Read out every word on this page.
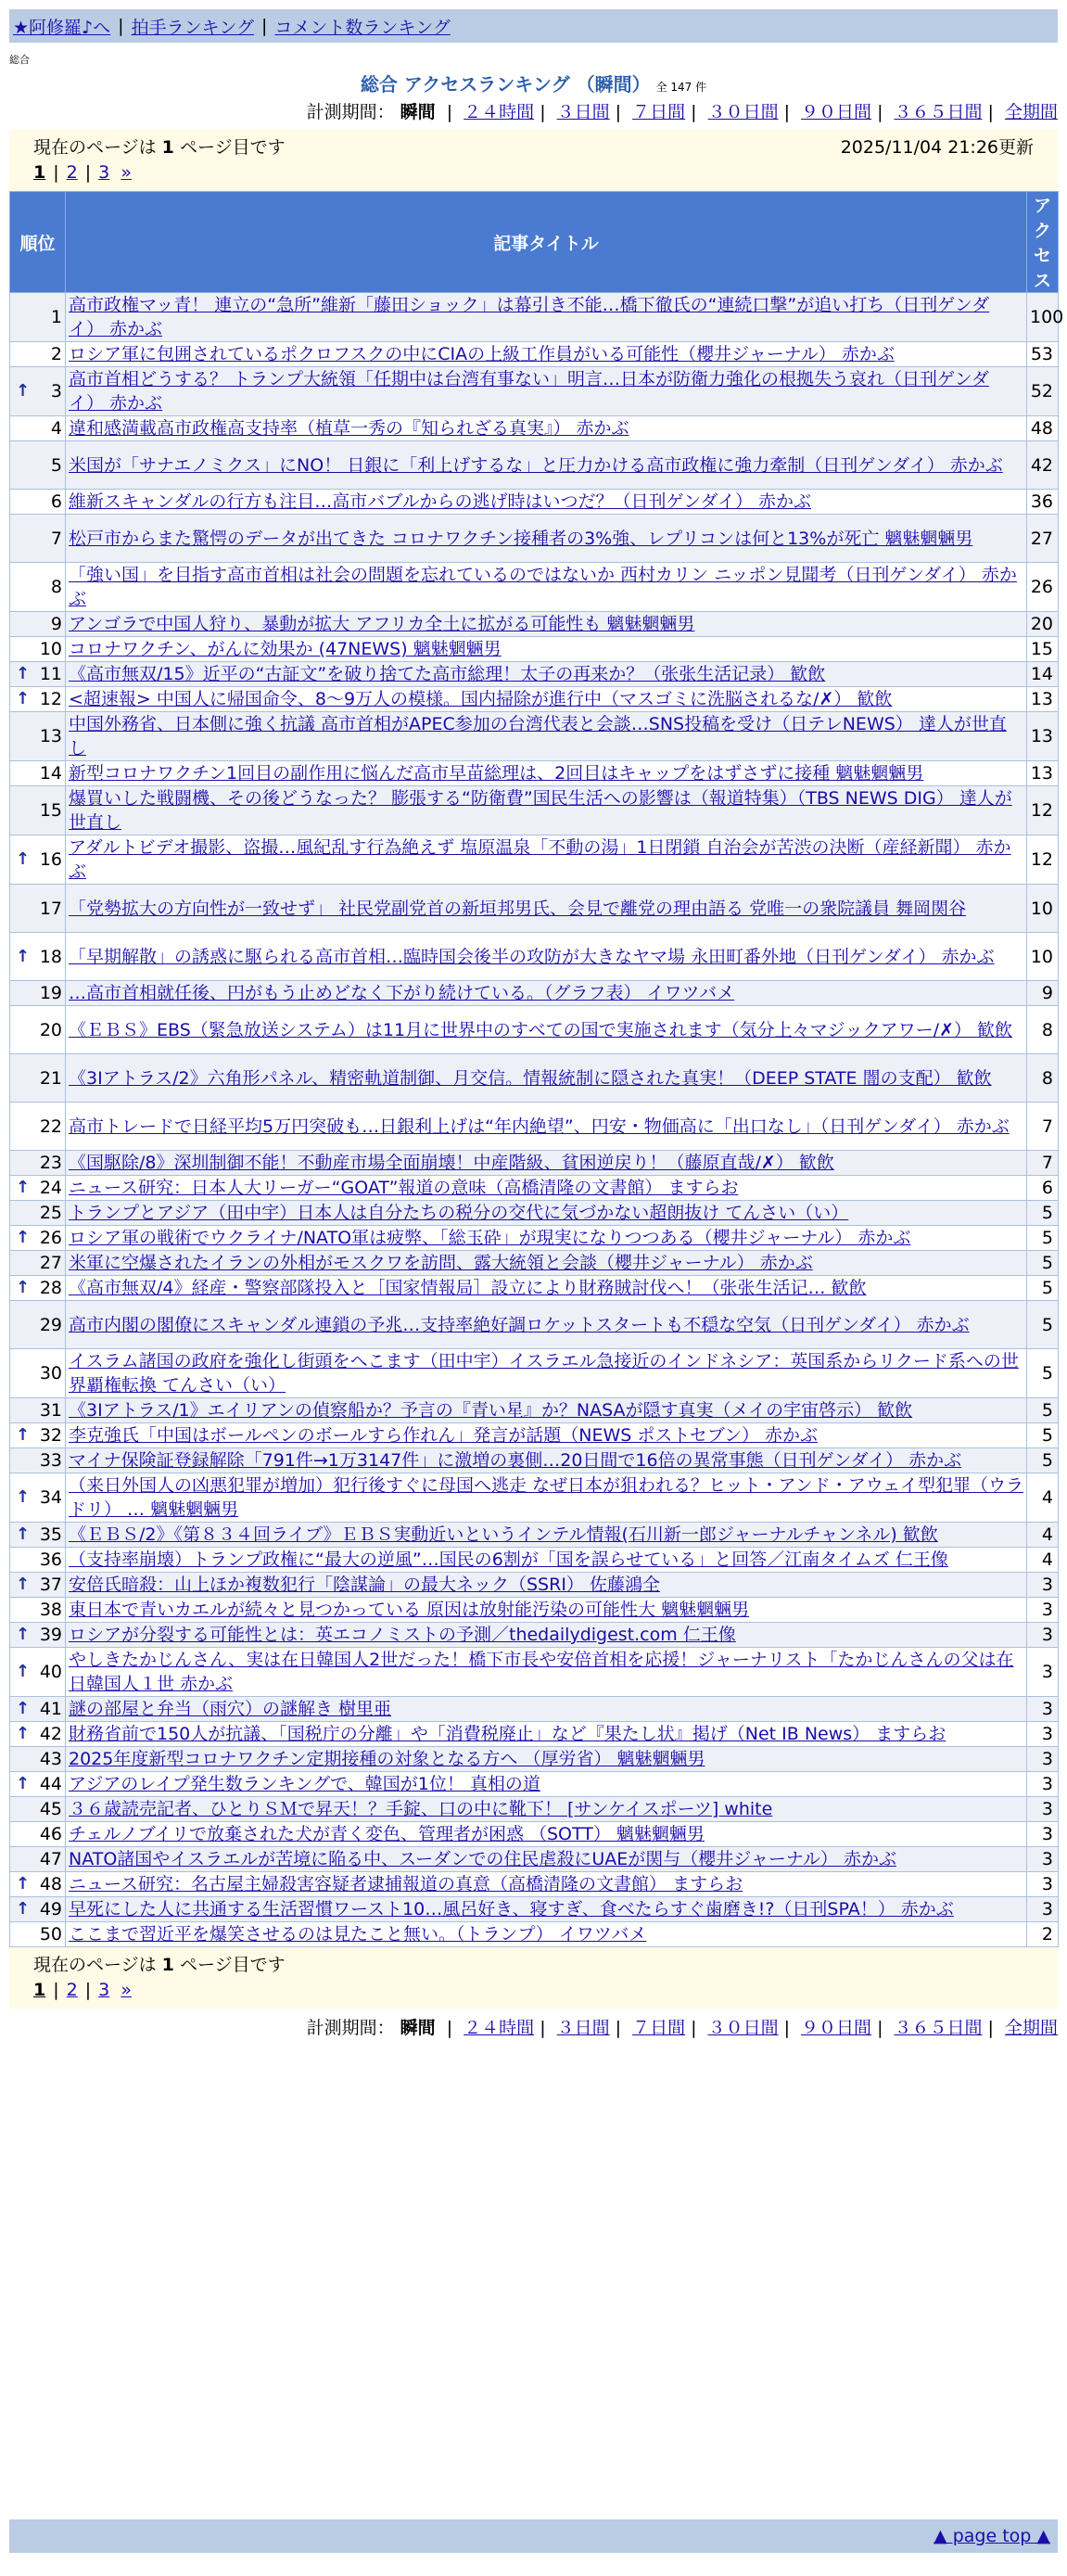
★阿修羅♪へ | 拍手ランキング | コメント数ランキング
総合
総合 アクセスランキング （瞬間） 全 147 件
計測期間： 瞬間 | ２４時間 | ３日間 | ７日間 | ３０日間 | ９０日間 | ３６５日間 | 全期間
現在のページは 1 ページ目です	2025/11/04 21:26更新
1 | 2 | 3 »
順位	記事タイトル	アクセス
1	高市政権マッ青！ 連立の“急所”維新「藤田ショック」は幕引き不能…橋下徹氏の“連続口撃”が追い打ち（日刊ゲンダイ） 赤かぶ	100
2	ロシア軍に包囲されているポクロフスクの中にCIAの上級工作員がいる可能性（櫻井ジャーナル） 赤かぶ	53

↑ 3	高市首相どうする？ トランプ大統領「任期中は台湾有事ない」明言…日本が防衛力強化の根拠失う哀れ（日刊ゲンダイ） 赤かぶ	52
4	違和感満載高市政権高支持率（植草一秀の『知られざる真実』） 赤かぶ	48
5	米国が「サナエノミクス」にNO！ 日銀に「利上げするな」と圧力かける高市政権に強力牽制（日刊ゲンダイ） 赤かぶ	42
6	維新スキャンダルの行方も注目…高市バブルからの逃げ時はいつだ？（日刊ゲンダイ） 赤かぶ	36
7	松戸市からまた驚愕のデータが出てきた コロナワクチン接種者の3%強、レプリコンは何と13%が死亡 魑魅魍魎男	27
8	「強い国」を目指す高市首相は社会の問題を忘れているのではないか 西村カリン ニッポン見聞考（日刊ゲンダイ） 赤かぶ	26
9	アンゴラで中国人狩り、暴動が拡大 アフリカ全土に拡がる可能性も 魑魅魍魎男	20
10	コロナワクチン、がんに効果か (47NEWS) 魑魅魍魎男	15

↑ 11	《高市無双/15》近平の“古証文”を破り捨てた高市総理！太子の再来か？（张张生活记录） 歓飲	14

↑ 12	<超速報> 中国人に帰国命令、8～9万人の模様。国内掃除が進行中（マスゴミに洗脳されるな/✗） 歓飲	13
13	中国外務省、日本側に強く抗議 高市首相がAPEC参加の台湾代表と会談…SNS投稿を受け（日テレNEWS） 達人が世直し	13
14	新型コロナワクチン1回目の副作用に悩んだ高市早苗総理は、2回目はキャップをはずさずに接種 魑魅魍魎男	13
15	爆買いした戦闘機、その後どうなった？ 膨張する“防衛費”国民生活への影響は（報道特集）（TBS NEWS DIG） 達人が世直し	12

↑ 16	アダルトビデオ撮影、盗撮…風紀乱す行為絶えず 塩原温泉「不動の湯」1日閉鎖 自治会が苦渋の決断（産経新聞） 赤かぶ	12
17	「党勢拡大の方向性が一致せず」 社民党副党首の新垣邦男氏、会見で離党の理由語る 党唯一の衆院議員 舞岡関谷	10

↑ 18	「早期解散」の誘惑に駆られる高市首相…臨時国会後半の攻防が大きなヤマ場 永田町番外地（日刊ゲンダイ） 赤かぶ	10
19	…高市首相就任後、円がもう止めどなく下がり続けている。（グラフ表） イワツバメ	9
20	《ＥＢＳ》EBS（緊急放送システム）は11月に世界中のすべての国で実施されます（気分上々マジックアワー/✗） 歓飲	8
21	《3Iアトラス/2》六角形パネル、精密軌道制御、月交信。情報統制に隠された真実！（DEEP STATE 闇の支配） 歓飲	8
22	高市トレードで日経平均5万円突破も…日銀利上げは“年内絶望”、円安・物価高に「出口なし」（日刊ゲンダイ） 赤かぶ	7
23	《国駆除/8》深圳制御不能！不動産市場全面崩壊！中産階級、貧困逆戻り！（藤原直哉/✗） 歓飲	7

↑ 24	ニュース研究：日本人大リーガー“GOAT”報道の意味（高橋清隆の文書館） ますらお	6
25	トランプとアジア（田中宇）日本人は自分たちの税分の交代に気づかない超朗抜け てんさい（い）	5

↑ 26	ロシア軍の戦術でウクライナ/NATO軍は疲弊、「総玉砕」が現実になりつつある（櫻井ジャーナル） 赤かぶ	5
27	米軍に空爆されたイランの外相がモスクワを訪問、露大統領と会談（櫻井ジャーナル） 赤かぶ	5

↑ 28	《高市無双/4》経産・警察部隊投入と［国家情報局］設立により財務賊討伐へ！（张张生活记… 歓飲	5
29	高市内閣の閣僚にスキャンダル連鎖の予兆…支持率絶好調ロケットスタートも不穏な空気（日刊ゲンダイ） 赤かぶ	5
30	イスラム諸国の政府を強化し街頭をへこます（田中宇）イスラエル急接近のインドネシア：英国系からリクード系への世界覇権転換 てんさい（い）	5
31	《3Iアトラス/1》エイリアンの偵察船か？予言の『青い星』か？NASAが隠す真実（メイの宇宙啓示） 歓飲	5

↑ 32	李克強氏「中国はボールペンのボールすら作れん」発言が話題（NEWS ポストセブン） 赤かぶ	5
33	マイナ保険証登録解除「791件→1万3147件」に激増の裏側…20日間で16倍の異常事態（日刊ゲンダイ） 赤かぶ	5

↑ 34	（来日外国人の凶悪犯罪が増加）犯行後すぐに母国へ逃走 なぜ日本が狙われる？ヒット・アンド・アウェイ型犯罪（ウラドリ） … 魑魅魍魎男	4

↑ 35	《ＥＢＳ/2》《第８３４回ライブ》ＥＢＳ実動近いというインテル情報(石川新一郎ジャーナルチャンネル) 歓飲	4
36	（支持率崩壊）トランプ政権に“最大の逆風”…国民の6割が「国を誤らせている」と回答／江南タイムズ 仁王像	4

↑ 37	安倍氏暗殺：山上ほか複数犯行「陰謀論」の最大ネック（SSRI） 佐藤鴻全	3
38	東日本で青いカエルが続々と見つかっている 原因は放射能汚染の可能性大 魑魅魍魎男	3

↑ 39	ロシアが分裂する可能性とは：英エコノミストの予測／thedailydigest.com 仁王像	3

↑ 40	やしきたかじんさん、実は在日韓国人2世だった！橋下市長や安倍首相を応援！ジャーナリスト「たかじんさんの父は在日韓国人１世 赤かぶ	3

↑ 41	謎の部屋と弁当（雨穴）の謎解き 樹里亜	3

↑ 42	財務省前で150人が抗議、「国税庁の分離」や「消費税廃止」など『果たし状』掲げ（Net IB News） ますらお	3
43	2025年度新型コロナワクチン定期接種の対象となる方へ （厚労省） 魑魅魍魎男	3

↑ 44	アジアのレイプ発生数ランキングで、韓国が1位！ 真相の道	3
45	３６歳読売記者、ひとりＳＭで昇天！？手錠、口の中に靴下！ [サンケイスポーツ] white	3
46	チェルノブイリで放棄された犬が青く変色、管理者が困惑 （SOTT） 魑魅魍魎男	3
47	NATO諸国やイスラエルが苦境に陥る中、スーダンでの住民虐殺にUAEが関与（櫻井ジャーナル） 赤かぶ	3

↑ 48	ニュース研究：名古屋主婦殺害容疑者逮捕報道の真意（高橋清隆の文書館） ますらお	3

↑ 49	早死にした人に共通する生活習慣ワースト10…風呂好き、寝すぎ、食べたらすぐ歯磨き!?（日刊SPA！） 赤かぶ	3
50	ここまで習近平を爆笑させるのは見たこと無い。（トランプ） イワツバメ	2
現在のページは 1 ページ目です
1 | 2 | 3 »
計測期間： 瞬間 | ２４時間 | ３日間 | ７日間 | ３０日間 | ９０日間 | ３６５日間 | 全期間
▲ page top ▲
